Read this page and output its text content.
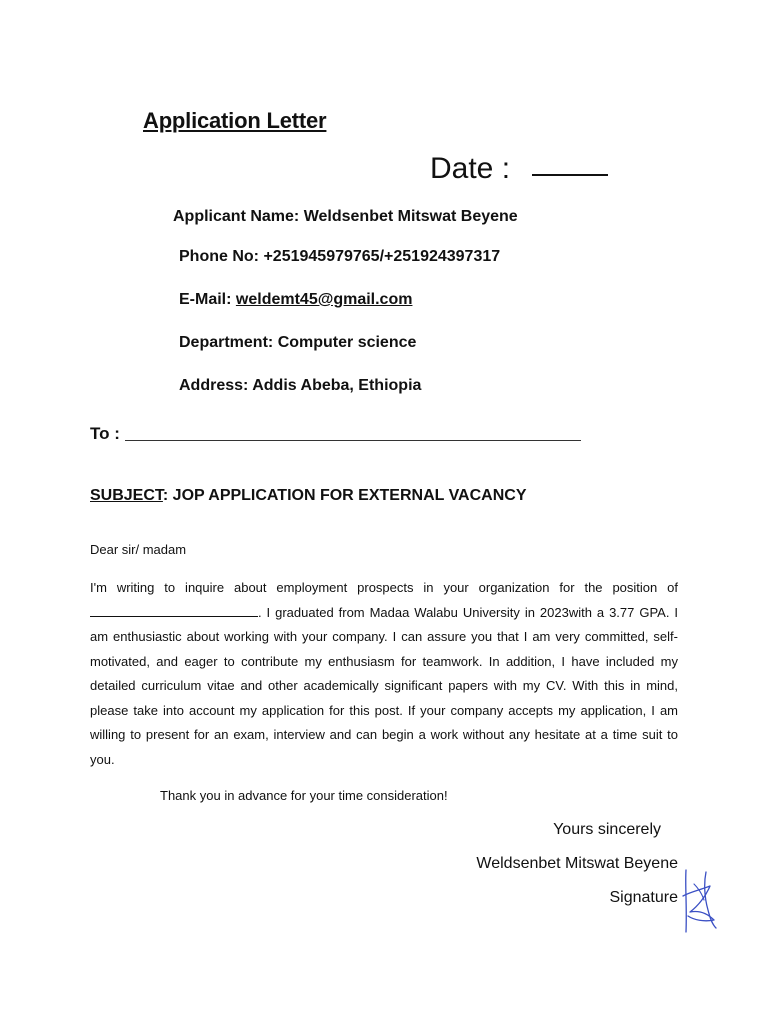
Application Letter
Date :
Applicant Name: Weldsenbet Mitswat Beyene
Phone No: +251945979765/+251924397317
E-Mail: weldemt45@gmail.com
Department: Computer science
Address: Addis Abeba, Ethiopia
To :
SUBJECT: JOP APPLICATION FOR EXTERNAL VACANCY
Dear sir/ madam
I'm writing to inquire about employment prospects in your organization for the position of. I graduated from Madaa Walabu University in 2023with a 3.77 GPA. I am enthusiastic about working with your company. I can assure you that I am very committed, self-motivated, and eager to contribute my enthusiasm for teamwork. In addition, I have included my detailed curriculum vitae and other academically significant papers with my CV. With this in mind, please take into account my application for this post. If your company accepts my application, I am willing to present for an exam, interview and can begin a work without any hesitate at a time suit to you.
Thank you in advance for your time consideration!
Yours sincerely
Weldsenbet Mitswat Beyene
Signature
